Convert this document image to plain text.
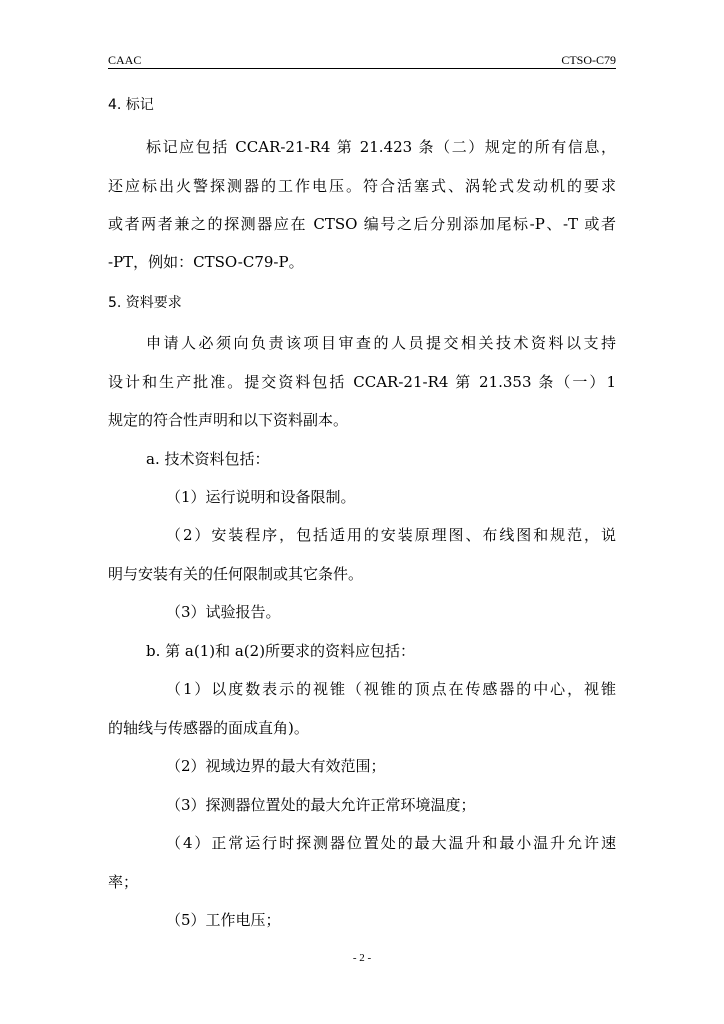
CAAC	CTSO-C79
4. 标记
标记应包括 CCAR-21-R4 第 21.423 条（二）规定的所有信息，
还应标出火警探测器的工作电压。符合活塞式、涡轮式发动机的要求
或者两者兼之的探测器应在 CTSO 编号之后分别添加尾标-P、-T 或者
-PT，例如：CTSO-C79-P。
5. 资料要求
申请人必须向负责该项目审查的人员提交相关技术资料以支持
设计和生产批准。提交资料包括 CCAR-21-R4 第 21.353 条（一）1
规定的符合性声明和以下资料副本。
a. 技术资料包括：
（1）运行说明和设备限制。
（2）安装程序，包括适用的安装原理图、布线图和规范，说
明与安装有关的任何限制或其它条件。
（3）试验报告。
b. 第 a(1)和 a(2)所要求的资料应包括：
（1）以度数表示的视锥（视锥的顶点在传感器的中心，视锥
的轴线与传感器的面成直角)。
（2）视域边界的最大有效范围；
（3）探测器位置处的最大允许正常环境温度；
（4）正常运行时探测器位置处的最大温升和最小温升允许速
率；
（5）工作电压；
- 2 -
